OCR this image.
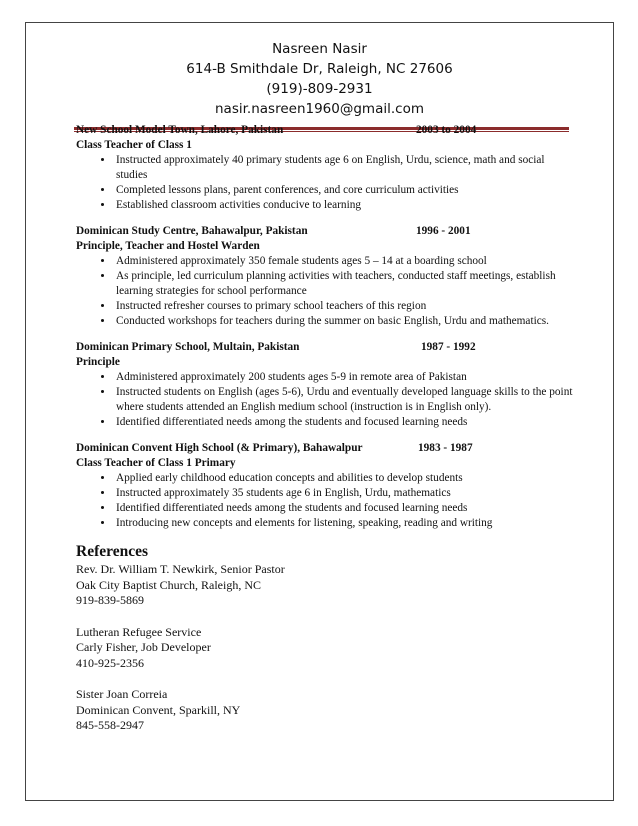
Nasreen Nasir
614-B Smithdale Dr, Raleigh, NC 27606
(919)-809-2931
nasir.nasreen1960@gmail.com
New School Model Town, Lahore, Pakistan	2003 to 2004
Class Teacher of Class 1
• Instructed approximately 40 primary students age 6 on English, Urdu, science, math and social studies
• Completed lessons plans, parent conferences, and core curriculum activities
• Established classroom activities conducive to learning
Dominican Study Centre, Bahawalpur, Pakistan	1996 - 2001
Principle, Teacher and Hostel Warden
• Administered approximately 350 female students ages 5 – 14 at a boarding school
• As principle, led curriculum planning activities with teachers, conducted staff meetings, establish learning strategies for school performance
• Instructed refresher courses to primary school teachers of this region
• Conducted workshops for teachers during the summer on basic English, Urdu and mathematics.
Dominican Primary School, Multain, Pakistan	1987 - 1992
Principle
• Administered approximately 200 students ages 5-9 in remote area of Pakistan
• Instructed students on English (ages 5-6), Urdu and eventually developed language skills to the point where students attended an English medium school (instruction is in English only).
• Identified differentiated needs among the students and focused learning needs
Dominican Convent High School (& Primary), Bahawalpur	1983 - 1987
Class Teacher of Class 1 Primary
• Applied early childhood education concepts and abilities to develop students
• Instructed approximately 35 students age 6 in English, Urdu, mathematics
• Identified differentiated needs among the students and focused learning needs
• Introducing new concepts and elements for listening, speaking, reading and writing
References
Rev. Dr. William T. Newkirk, Senior Pastor
Oak City Baptist Church, Raleigh, NC
919-839-5869
Lutheran Refugee Service
Carly Fisher, Job Developer
410-925-2356
Sister Joan Correia
Dominican Convent, Sparkill, NY
845-558-2947
